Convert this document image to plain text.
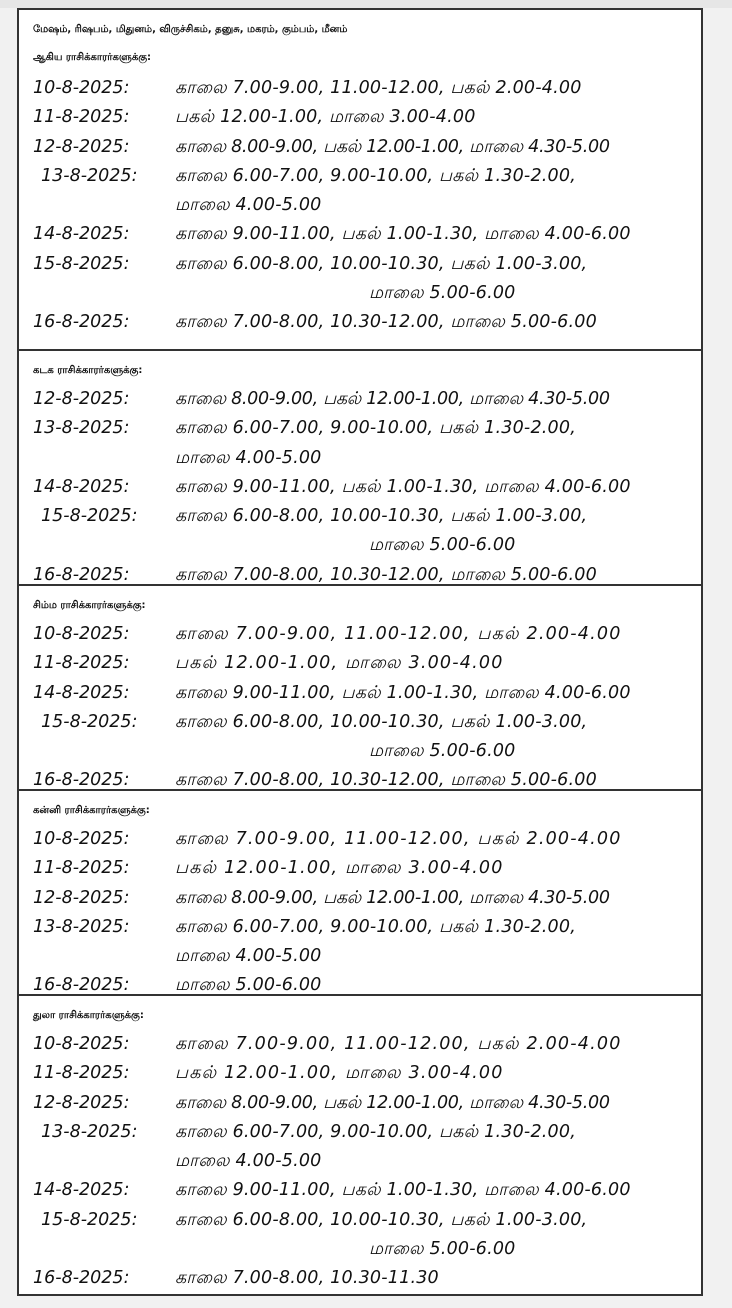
மேஷம், ரிஷபம், மிதுனம், விருச்சிகம், தனுசு, மகரம், கும்பம், மீனம்
ஆகிய ராசிக்காரர்களுக்கு:
10-8-2025:	காலை 7.00-9.00, 11.00-12.00, பகல் 2.00-4.00
11-8-2025:	பகல் 12.00-1.00, மாலை 3.00-4.00
12-8-2025:	காலை 8.00-9.00, பகல் 12.00-1.00, மாலை 4.30-5.00
13-8-2025: காலை 6.00-7.00, 9.00-10.00, பகல் 1.30-2.00,
மாலை 4.00-5.00
14-8-2025:	காலை 9.00-11.00, பகல் 1.00-1.30, மாலை 4.00-6.00
15-8-2025:	காலை 6.00-8.00, 10.00-10.30, பகல் 1.00-3.00,
மாலை 5.00-6.00
16-8-2025:	காலை 7.00-8.00, 10.30-12.00, மாலை 5.00-6.00
கடக ராசிக்காரர்களுக்கு:
12-8-2025:	காலை 8.00-9.00, பகல் 12.00-1.00, மாலை 4.30-5.00
13-8-2025:	காலை 6.00-7.00, 9.00-10.00, பகல் 1.30-2.00,
மாலை 4.00-5.00
14-8-2025:	காலை 9.00-11.00, பகல் 1.00-1.30, மாலை 4.00-6.00
15-8-2025: காலை 6.00-8.00, 10.00-10.30, பகல் 1.00-3.00,
மாலை 5.00-6.00
16-8-2025:	காலை 7.00-8.00, 10.30-12.00, மாலை 5.00-6.00
சிம்ம ராசிக்காரர்களுக்கு:
10-8-2025:	காலை 7.00-9.00, 11.00-12.00, பகல் 2.00-4.00
11-8-2025:	பகல் 12.00-1.00, மாலை 3.00-4.00
14-8-2025:	காலை 9.00-11.00, பகல் 1.00-1.30, மாலை 4.00-6.00
15-8-2025: காலை 6.00-8.00, 10.00-10.30, பகல் 1.00-3.00,
மாலை 5.00-6.00
16-8-2025:	காலை 7.00-8.00, 10.30-12.00, மாலை 5.00-6.00
கன்னி ராசிக்காரர்களுக்கு:
10-8-2025:	காலை 7.00-9.00, 11.00-12.00, பகல் 2.00-4.00
11-8-2025:	பகல் 12.00-1.00, மாலை 3.00-4.00
12-8-2025:	காலை 8.00-9.00, பகல் 12.00-1.00, மாலை 4.30-5.00
13-8-2025:	காலை 6.00-7.00, 9.00-10.00, பகல் 1.30-2.00,
மாலை 4.00-5.00
16-8-2025:	மாலை 5.00-6.00
துலா ராசிக்காரர்களுக்கு:
10-8-2025:	காலை 7.00-9.00, 11.00-12.00, பகல் 2.00-4.00
11-8-2025:	பகல் 12.00-1.00, மாலை 3.00-4.00
12-8-2025:	காலை 8.00-9.00, பகல் 12.00-1.00, மாலை 4.30-5.00
13-8-2025: காலை 6.00-7.00, 9.00-10.00, பகல் 1.30-2.00,
மாலை 4.00-5.00
14-8-2025:	காலை 9.00-11.00, பகல் 1.00-1.30, மாலை 4.00-6.00
15-8-2025: காலை 6.00-8.00, 10.00-10.30, பகல் 1.00-3.00,
மாலை 5.00-6.00
16-8-2025:	காலை 7.00-8.00, 10.30-11.30
